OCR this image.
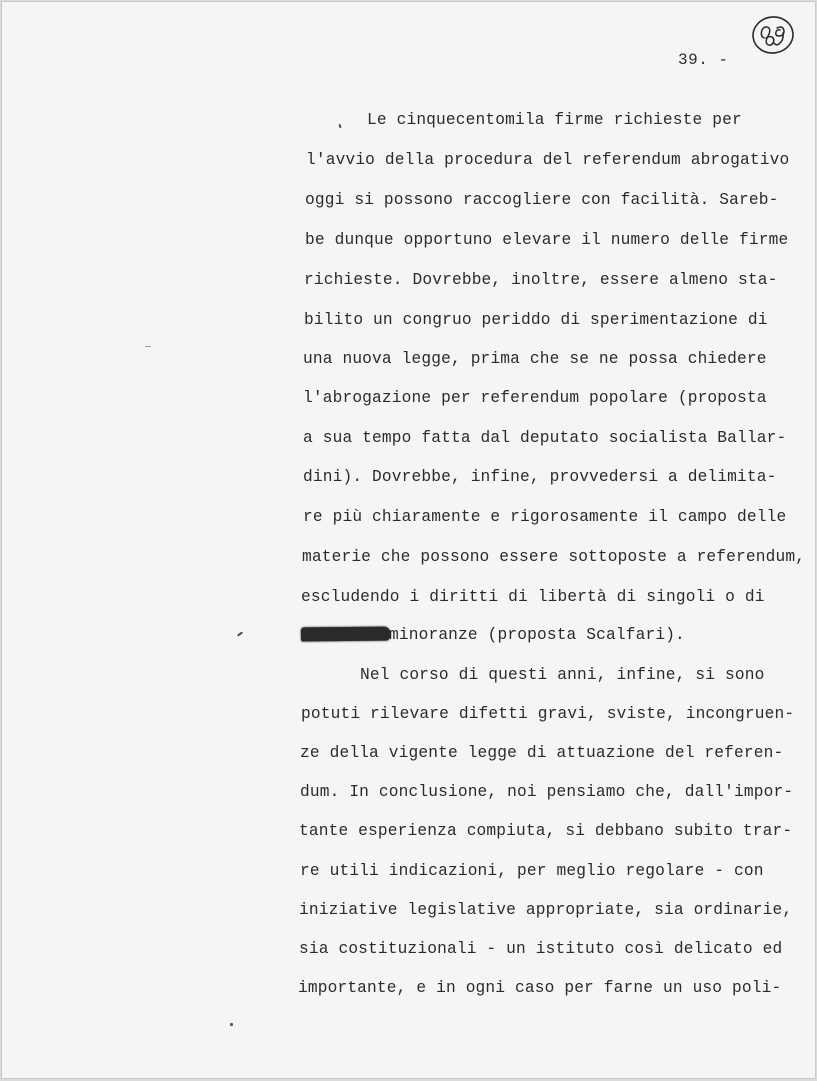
39. -
Le cinquecentomila firme richieste per
l'avvio della procedura del referendum abrogativo
oggi si possono raccogliere con facilità. Sareb-
be dunque opportuno elevare il numero delle firme
richieste. Dovrebbe, inoltre, essere almeno sta-
bilito un congruo periddo di sperimentazione di
una nuova legge, prima che se ne possa chiedere
l'abrogazione per referendum popolare (proposta
a sua tempo fatta dal deputato socialista Ballar-
dini). Dovrebbe, infine, provvedersi a delimita-
re più chiaramente e rigorosamente il campo delle
materie che possono essere sottoposte a referendum,
escludendo i diritti di libertà di singoli o di
minoranze (proposta Scalfari).
Nel corso di questi anni, infine, si sono
potuti rilevare difetti gravi, sviste, incongruen-
ze della vigente legge di attuazione del referen-
dum. In conclusione, noi pensiamo che, dall'impor-
tante esperienza compiuta, si debbano subito trar-
re utili indicazioni, per meglio regolare - con
iniziative legislative appropriate, sia ordinarie,
sia costituzionali - un istituto così delicato ed
importante, e in ogni caso per farne un uso poli-
